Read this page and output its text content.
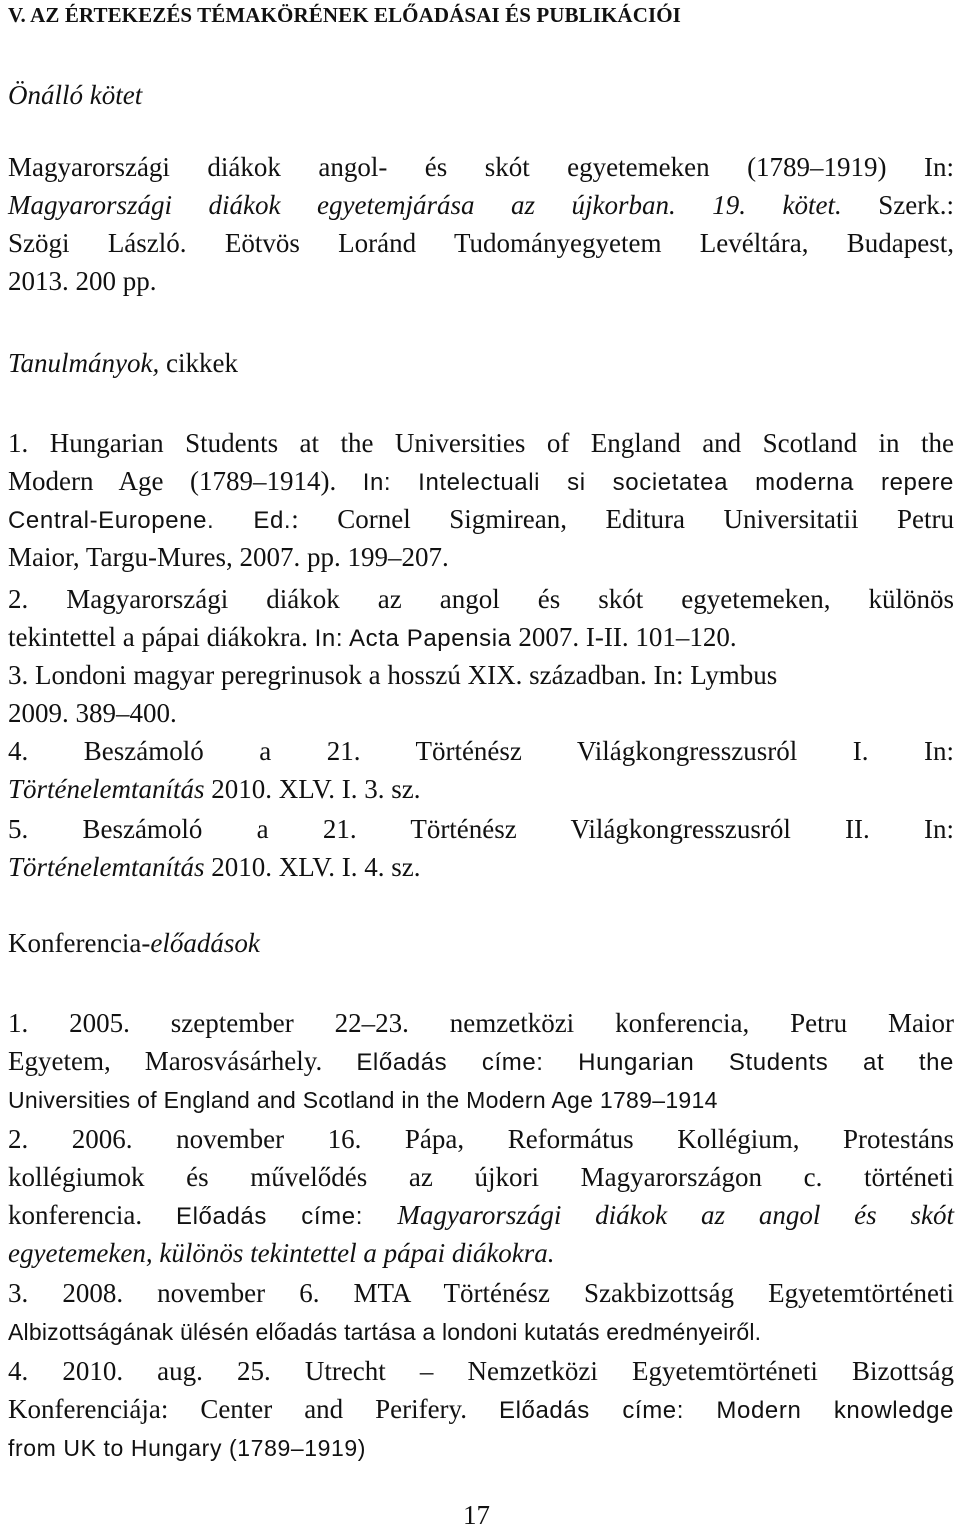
V. AZ ÉRTEKEZÉS TÉMAKÖRÉNEK ELŐADÁSAI ÉS PUBLIKÁCIÓI
Önálló kötet
Magyarországi diákok angol- és skót egyetemeken (1789–1919) In:
Magyarországi diákok egyetemjárása az újkorban. 19. kötet. Szerk.:
Szögi László. Eötvös Loránd Tudományegyetem Levéltára, Budapest,
2013. 200 pp.
Tanulmányok, cikkek
1. Hungarian Students at the Universities of England and Scotland in the
Modern Age (1789–1914). In: Intelectuali si societatea moderna repere
Central-Europene. Ed.: Cornel Sigmirean, Editura Universitatii Petru
Maior, Targu-Mures, 2007. pp. 199–207.
2. Magyarországi diákok az angol és skót egyetemeken, különös
tekintettel a pápai diákokra. In: Acta Papensia 2007. I-II. 101–120.
3. Londoni magyar peregrinusok a hosszú XIX. században. In: Lymbus
2009. 389–400.
4. Beszámoló a 21. Történész Világkongresszusról I. In:
Történelemtanítás 2010. XLV. I. 3. sz.
5. Beszámoló a 21. Történész Világkongresszusról II. In:
Történelemtanítás 2010. XLV. I. 4. sz.
Konferencia-előadások
1. 2005. szeptember 22–23. nemzetközi konferencia, Petru Maior
Egyetem, Marosvásárhely. Előadás címe: Hungarian Students at the
Universities of England and Scotland in the Modern Age 1789–1914
2. 2006. november 16. Pápa, Református Kollégium, Protestáns
kollégiumok és művelődés az újkori Magyarországon c. történeti
konferencia. Előadás címe: Magyarországi diákok az angol és skót
egyetemeken, különös tekintettel a pápai diákokra.
3. 2008. november 6. MTA Történész Szakbizottság Egyetemtörténeti
Albizottságának ülésén előadás tartása a londoni kutatás eredményeiről.
4. 2010. aug. 25. Utrecht – Nemzetközi Egyetemtörténeti Bizottság
Konferenciája: Center and Perifery. Előadás címe: Modern knowledge
from UK to Hungary (1789–1919)
17
